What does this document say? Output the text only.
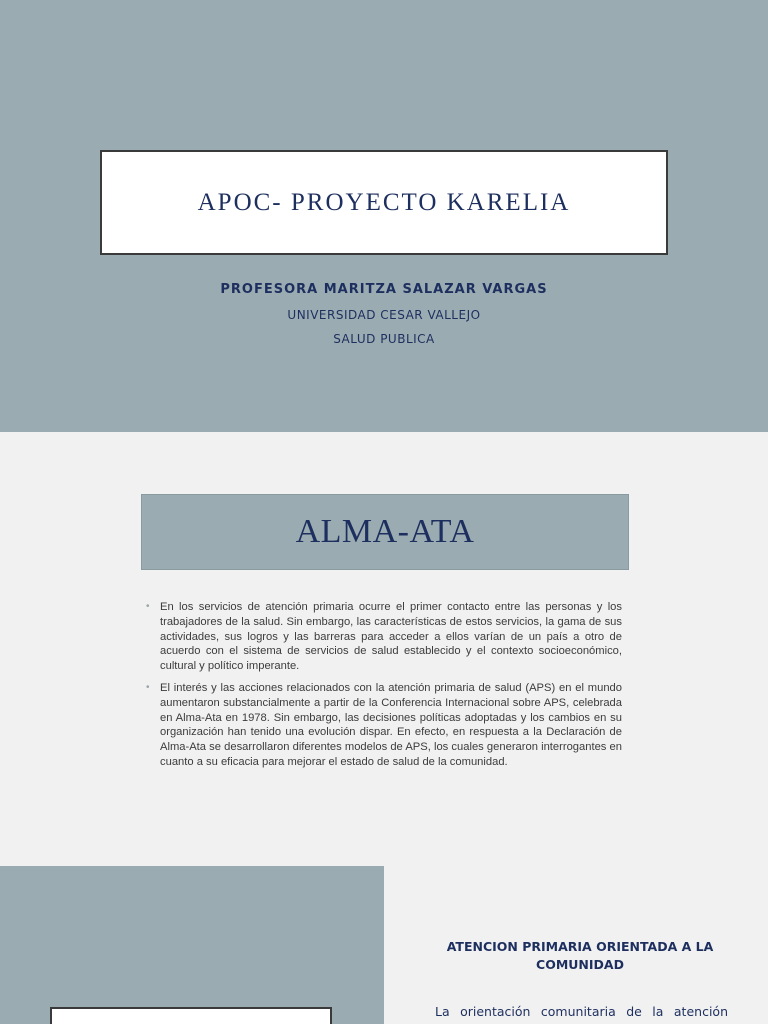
APOC- PROYECTO KARELIA
PROFESORA MARITZA SALAZAR VARGAS
UNIVERSIDAD CESAR VALLEJO
SALUD PUBLICA
ALMA-ATA
• En los servicios de atención primaria ocurre el primer contacto entre las personas y los trabajadores de la salud. Sin embargo, las características de estos servicios, la gama de sus actividades, sus logros y las barreras para acceder a ellos varían de un país a otro de acuerdo con el sistema de servicios de salud establecido y el contexto socioeconómico, cultural y político imperante.
• El interés y las acciones relacionados con la atención primaria de salud (APS) en el mundo aumentaron substancialmente a partir de la Conferencia Internacional sobre APS, celebrada en Alma-Ata en 1978. Sin embargo, las decisiones políticas adoptadas y los cambios en su organización han tenido una evolución dispar. En efecto, en respuesta a la Declaración de Alma-Ata se desarrollaron diferentes modelos de APS, los cuales generaron interrogantes en cuanto a su eficacia para mejorar el estado de salud de la comunidad.

ATENCION PRIMARIA ORIENTADA A LA COMUNIDAD

La orientación comunitaria de la atención
